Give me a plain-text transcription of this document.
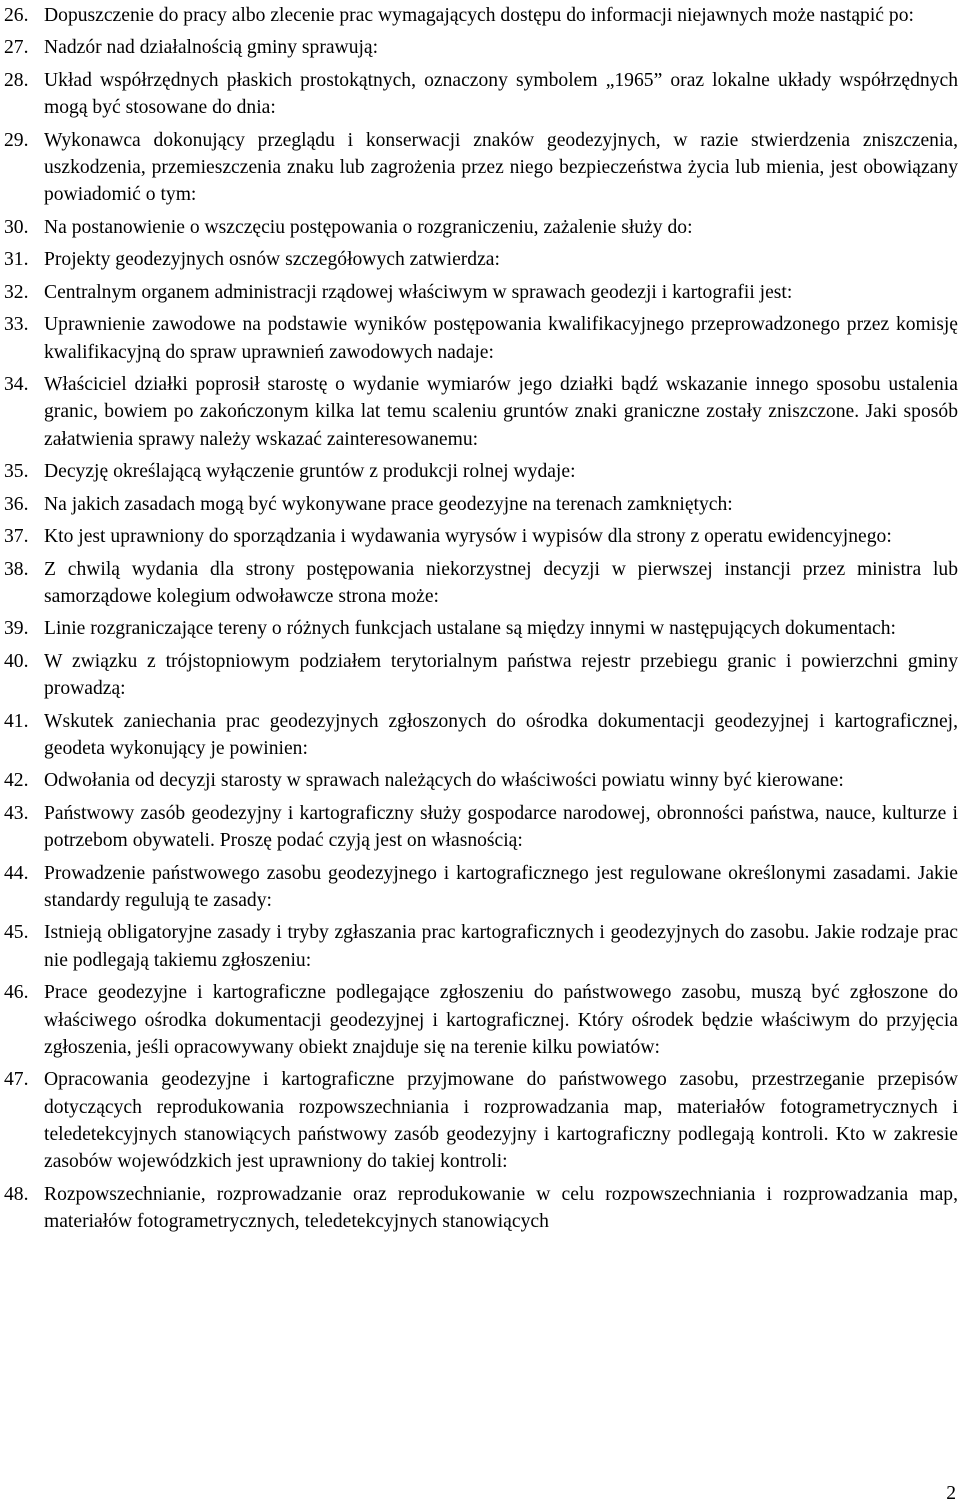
26. Dopuszczenie do pracy albo zlecenie prac wymagających dostępu do informacji niejawnych może nastąpić po:
27. Nadzór nad działalnością gminy sprawują:
28. Układ współrzędnych płaskich prostokątnych, oznaczony symbolem „1965” oraz lokalne układy współrzędnych mogą być stosowane do dnia:
29. Wykonawca dokonujący przeglądu i konserwacji znaków geodezyjnych, w razie stwierdzenia zniszczenia, uszkodzenia, przemieszczenia znaku lub zagrożenia przez niego bezpieczeństwa życia lub mienia, jest obowiązany powiadomić o tym:
30. Na postanowienie o wszczęciu postępowania o rozgraniczeniu, zażalenie służy do:
31. Projekty geodezyjnych osnów szczegółowych zatwierdza:
32. Centralnym organem administracji rządowej właściwym w sprawach geodezji i kartografii jest:
33. Uprawnienie zawodowe na podstawie wyników postępowania kwalifikacyjnego przeprowadzonego przez komisję kwalifikacyjną do spraw uprawnień zawodowych nadaje:
34. Właściciel działki poprosił starostę o wydanie wymiarów jego działki bądź wskazanie innego sposobu ustalenia granic, bowiem po zakończonym kilka lat temu scaleniu gruntów znaki graniczne zostały zniszczone. Jaki sposób załatwienia sprawy należy wskazać zainteresowanemu:
35. Decyzję określającą wyłączenie gruntów z produkcji rolnej wydaje:
36. Na jakich zasadach mogą być wykonywane prace geodezyjne na terenach zamkniętych:
37. Kto jest uprawniony do sporządzania i wydawania wyrysów i wypisów dla strony z operatu ewidencyjnego:
38. Z chwilą wydania dla strony postępowania niekorzystnej decyzji w pierwszej instancji przez ministra lub samorządowe kolegium odwoławcze strona może:
39. Linie rozgraniczające tereny o różnych funkcjach ustalane są między innymi w następujących dokumentach:
40. W związku z trójstopniowym podziałem terytorialnym państwa rejestr przebiegu granic i powierzchni gminy prowadzą:
41. Wskutek zaniechania prac geodezyjnych zgłoszonych do ośrodka dokumentacji geodezyjnej i kartograficznej, geodeta wykonujący je powinien:
42. Odwołania od decyzji starosty w sprawach należących do właściwości powiatu winny być kierowane:
43. Państwowy zasób geodezyjny i kartograficzny służy gospodarce narodowej, obronności państwa, nauce, kulturze i potrzebom obywateli. Proszę podać czyją jest on własnością:
44. Prowadzenie państwowego zasobu geodezyjnego i kartograficznego jest regulowane określonymi zasadami. Jakie standardy regulują te zasady:
45. Istnieją obligatoryjne zasady i tryby zgłaszania prac kartograficznych i geodezyjnych do zasobu. Jakie rodzaje prac nie podlegają takiemu zgłoszeniu:
46. Prace geodezyjne i kartograficzne podlegające zgłoszeniu do państwowego zasobu, muszą być zgłoszone do właściwego ośrodka dokumentacji geodezyjnej i kartograficznej. Który ośrodek będzie właściwym do przyjęcia zgłoszenia, jeśli opracowywany obiekt znajduje się na terenie kilku powiatów:
47. Opracowania geodezyjne i kartograficzne przyjmowane do państwowego zasobu, przestrzeganie przepisów dotyczących reprodukowania rozpowszechniania i rozprowadzania map, materiałów fotogrametrycznych i teledetekcyjnych stanowiących państwowy zasób geodezyjny i kartograficzny podlegają kontroli. Kto w zakresie zasobów wojewódzkich jest uprawniony do takiej kontroli:
48. Rozpowszechnianie, rozprowadzanie oraz reprodukowanie w celu rozpowszechniania i rozprowadzania map, materiałów fotogrametrycznych, teledetekcyjnych stanowiących
2
